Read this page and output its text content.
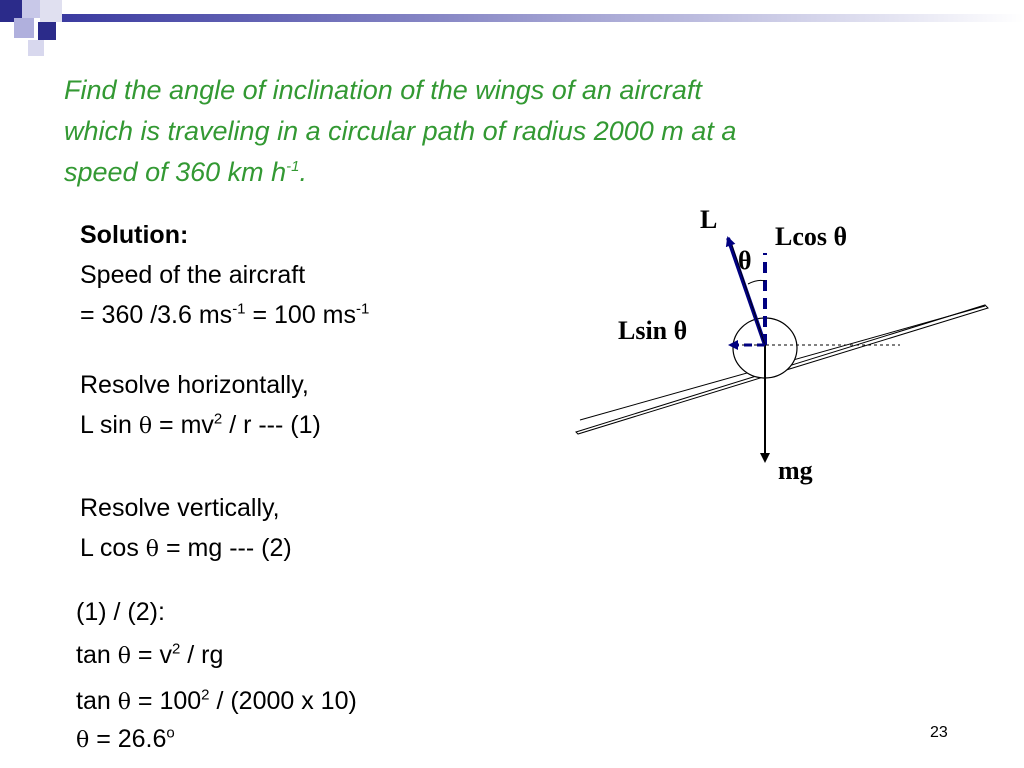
Find the angle of inclination of the wings of an aircraft
which is traveling in a circular path of radius 2000 m at a
speed of 360 km $h^{-1}$.
Solution:
Speed of the aircraft
= 360 /3.6 $ms^{-1} = 100$ $ms^{-1}$
Resolve horizontally,
L $\sin \theta = mv^2 / r$ --- (1)
Resolve vertically,
L cos θ = mg --- (2)
(1) / (2):
$\tan \theta = v^2$ / rg
$\tan \theta = 100^2 / (2000$ x 10)
$\theta = 26.6^o$
L
Lcos θ
θ
Lsin θ
mg
23
